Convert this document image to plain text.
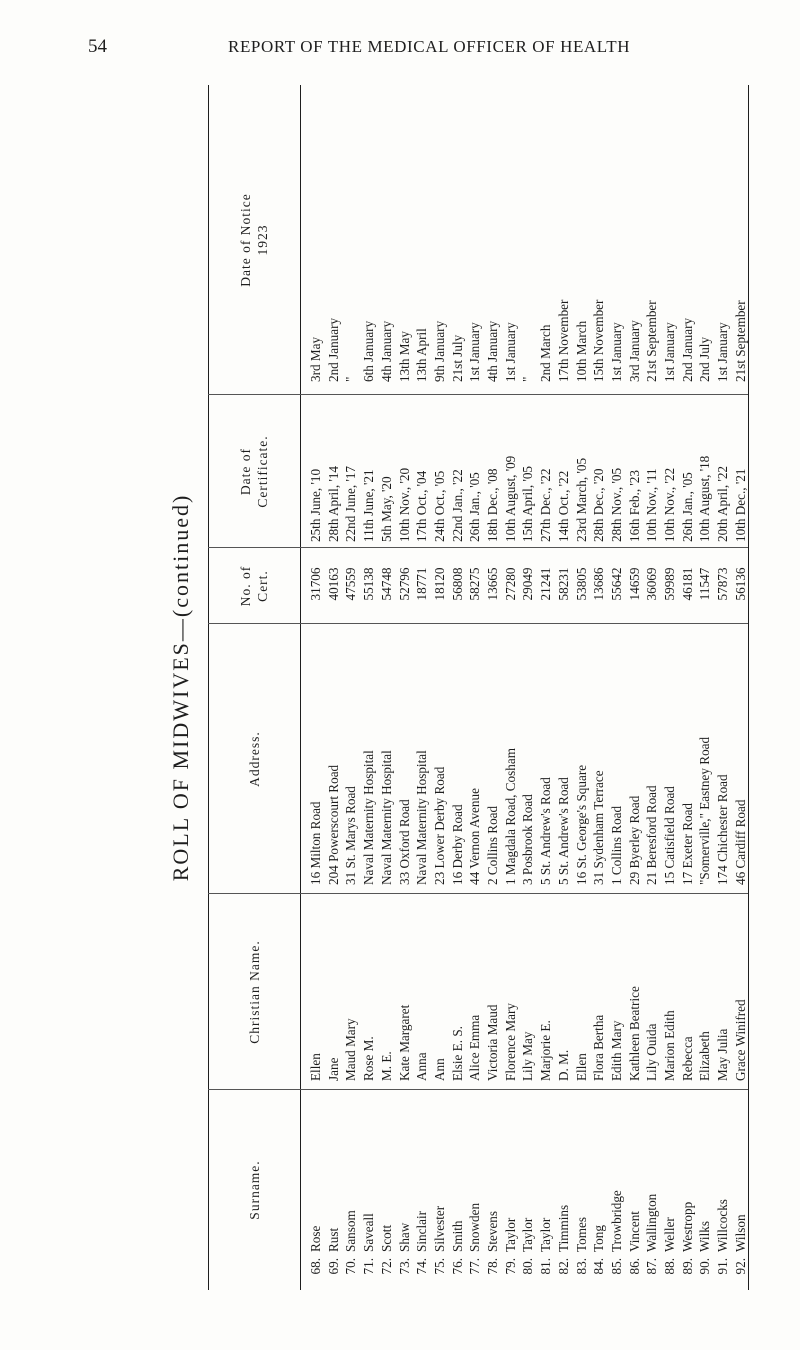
54	REPORT OF THE MEDICAL OFFICER OF HEALTH
ROLL OF MIDWIVES—(continued)
Surname.
Christian Name.
Address.
No. of Cert.
Date of Certificate.
Date of Notice 1923
68.
Rose
Ellen
16 Milton Road
31706
25th June, '10
3rd May
69.
Rust
Jane
204 Powerscourt Road
40163
28th April, '14
2nd January
70.
Sansom
Maud Mary
31 St. Marys Road
47559
22nd June, '17
"
71.
Saveall
Rose M.
Naval Maternity Hospital
55138
11th June, '21
6th January
72.
Scott
M. E.
Naval Maternity Hospital
54748
5th May, '20
4th January
73.
Shaw
Kate Margaret
33 Oxford Road
52796
10th Nov., '20
13th May
74.
Sinclair
Anna
Naval Maternity Hospital
18771
17th Oct., '04
13th April
75.
Silvester
Ann
23 Lower Derby Road
18120
24th Oct., '05
9th January
76.
Smith
Elsie E. S.
16 Derby Road
56808
22nd Jan., '22
21st July
77.
Snowden
Alice Emma
44 Vernon Avenue
58275
26th Jan., '05
1st January
78.
Stevens
Victoria Maud
2 Collins Road
13665
18th Dec., '08
4th January
79.
Taylor
Florence Mary
1 Magdala Road, Cosham
27280
10th August, '09
1st January
80.
Taylor
Lily May
3 Posbrook Road
29049
15th April, '05
"
81.
Taylor
Marjorie E.
5 St. Andrew's Road
21241
27th Dec., '22
2nd March
82.
Timmins
D. M.
5 St. Andrew's Road
58231
14th Oct., '22
17th November
83.
Tomes
Ellen
16 St. George's Square
53805
23rd March, '05
10th March
84.
Tong
Flora Bertha
31 Sydenham Terrace
13686
28th Dec., '20
15th November
85.
Trowbridge
Edith Mary
1 Collins Road
55642
28th Nov., '05
1st January
86.
Vincent
Kathleen Beatrice
29 Byerley Road
14659
16th Feb., '23
3rd January
87.
Wallington
Lily Ouida
21 Beresford Road
36069
10th Nov., '11
21st September
88.
Weller
Marion Edith
15 Catisfield Road
59989
10th Nov., '22
1st January
89.
Westropp
Rebecca
17 Exeter Road
46181
26th Jan., '05
2nd January
90.
Wilks
Elizabeth
"Somerville," Eastney Road
11547
10th August, '18
2nd July
91.
Willcocks
May Julia
174 Chichester Road
57873
20th April, '22
1st January
92.
Wilson
Grace Winifred
46 Cardiff Road
56136
10th Dec., '21
21st September
